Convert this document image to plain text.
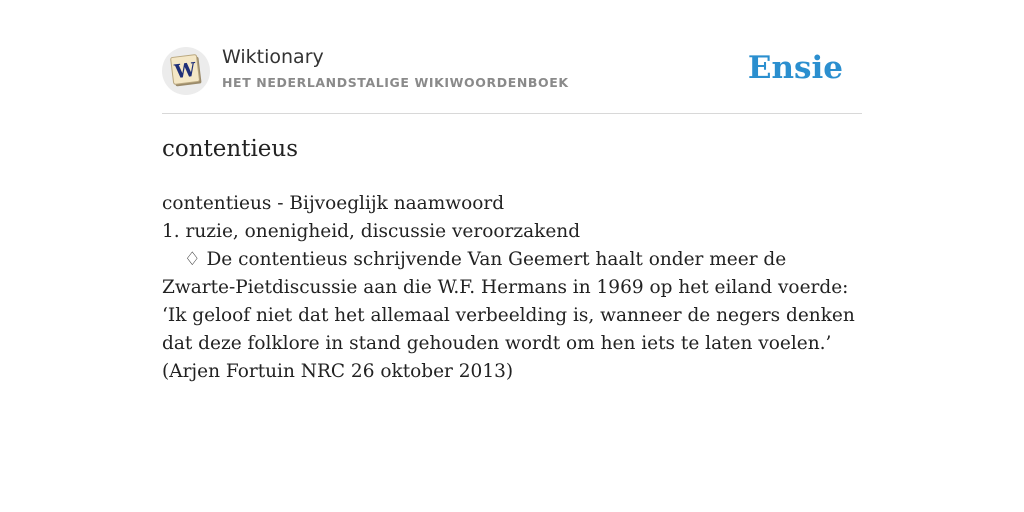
W
Wiktionary
HET NEDERLANDSTALIGE WIKIWOORDENBOEK	Ensie
contentieus
contentieus - Bijvoeglijk naamwoord
1. ruzie, onenigheid, discussie veroorzakend
♢ De contentieus schrijvende Van Geemert haalt onder meer de Zwarte-Pietdiscussie aan die W.F. Hermans in 1969 op het eiland voerde: ‘Ik geloof niet dat het allemaal verbeelding is, wanneer de negers denken dat deze folklore in stand gehouden wordt om hen iets te laten voelen.’ (Arjen Fortuin NRC 26 oktober 2013)
